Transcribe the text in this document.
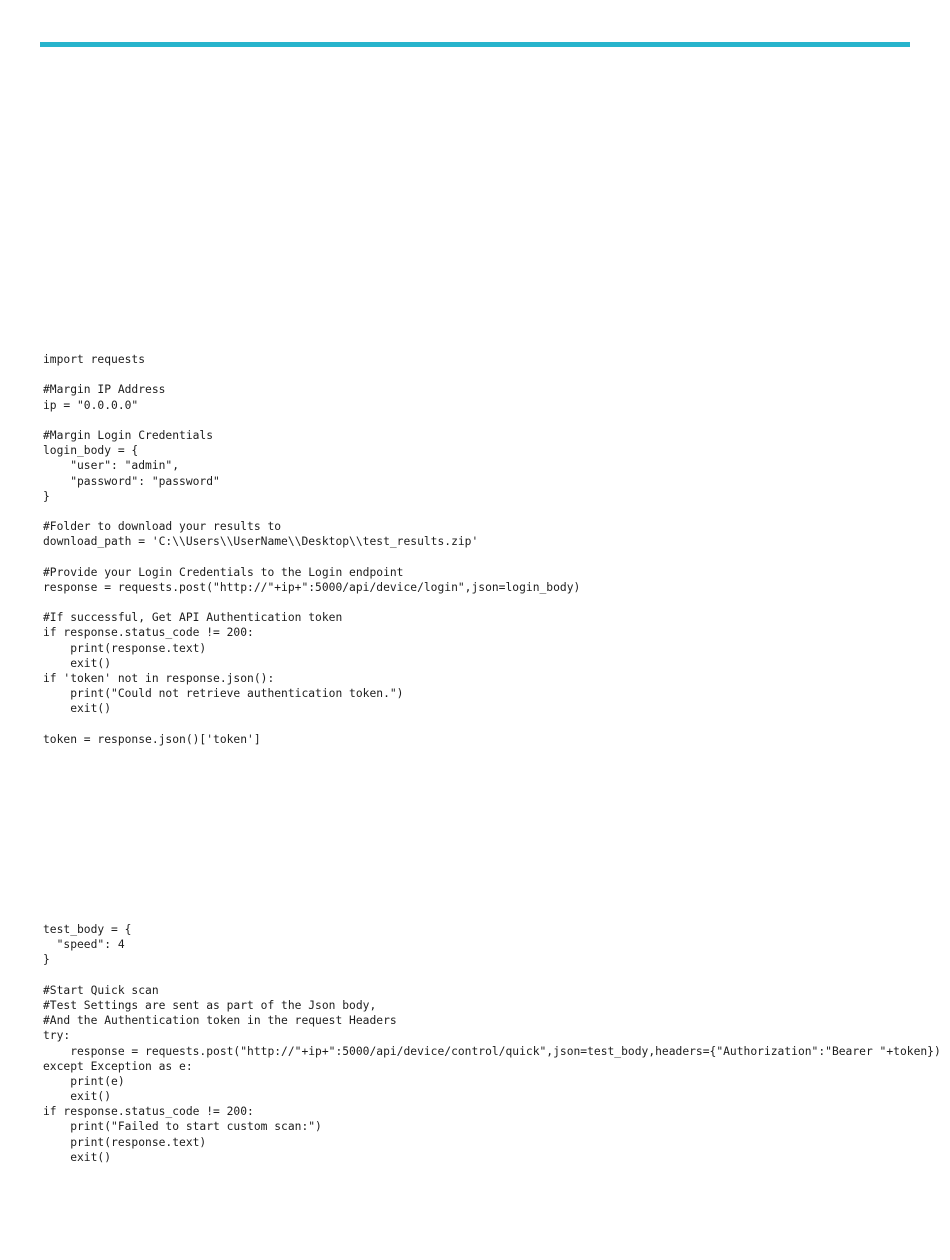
import requests

#Margin IP Address
ip = "0.0.0.0"

#Margin Login Credentials
login_body = {
"user": "admin",
"password": "password"
}

#Folder to download your results to
download_path = 'C:\\Users\\UserName\\Desktop\\test_results.zip'

#Provide your Login Credentials to the Login endpoint
response = requests.post("http://"+ip+":5000/api/device/login",json=login_body)

#If successful, Get API Authentication token
if response.status_code != 200:
print(response.text)
exit()
if 'token' not in response.json():
print("Could not retrieve authentication token.")
exit()

token = response.json()['token']
test_body = {
"speed": 4
}

#Start Quick scan
#Test Settings are sent as part of the Json body,
#And the Authentication token in the request Headers
try:
response = requests.post("http://"+ip+":5000/api/device/control/quick",json=test_body,headers={"Authorization":"Bearer "+token})
except Exception as e:
print(e)
exit()
if response.status_code != 200:
print("Failed to start custom scan:")
print(response.text)
exit()
